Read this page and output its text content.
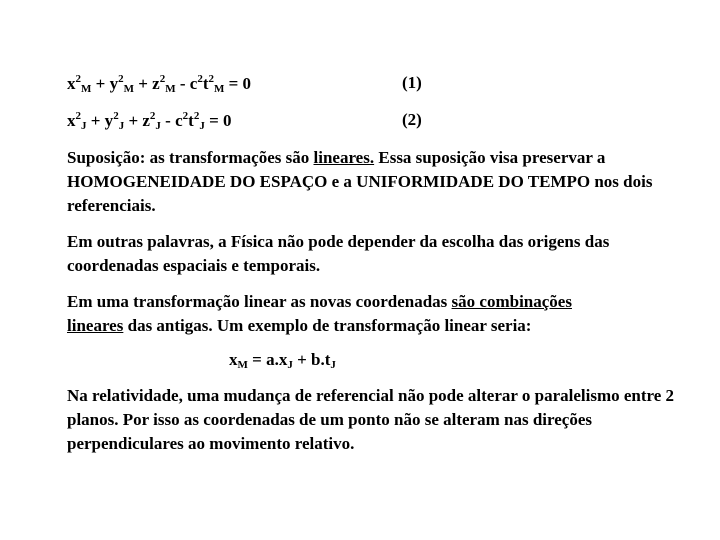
$x^2_M + y^2_M + z^2_M - c^2t^2_M = 0$	(1)
$x^2_J + y^2_J + z^2_J - c^2t^2_J = 0$	(2)
Suposição: as transformações são lineares. Essa suposição visa preservar a HOMOGENEIDADE DO ESPAÇO e a UNIFORMIDADE DO TEMPO nos dois referenciais.
Em outras palavras, a Física não pode depender da escolha das origens das coordenadas espaciais e temporais.
Em uma transformação linear as novas coordenadas são combinações
lineares das antigas. Um exemplo de transformação linear seria:
$x_M = a.x_J + b.t_J$
Na relatividade, uma mudança de referencial não pode alterar o paralelismo entre 2 planos. Por isso as coordenadas de um ponto não se alteram nas direções perpendiculares ao movimento relativo.
